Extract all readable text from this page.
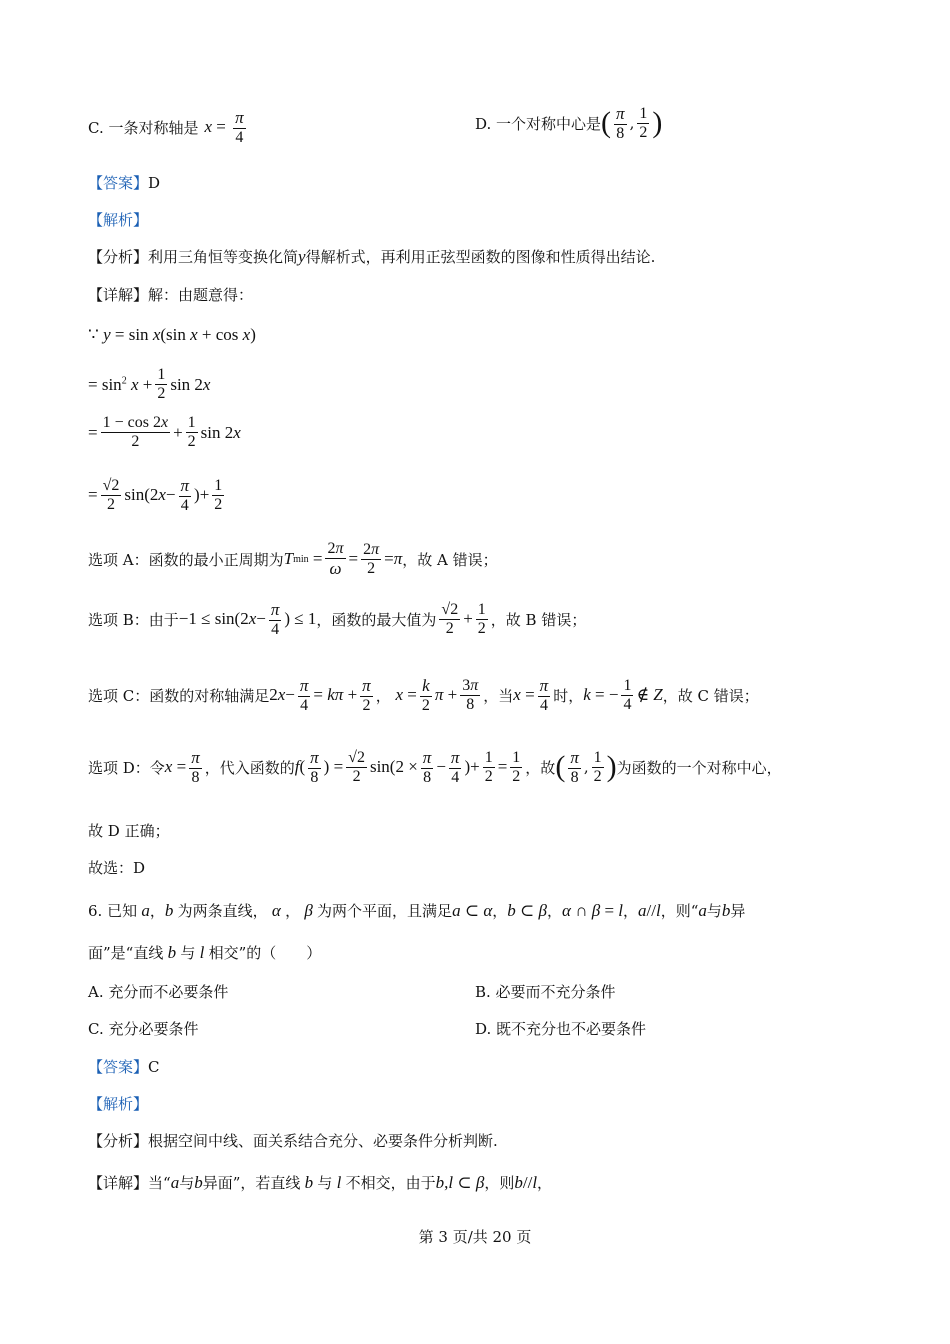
C. 一条对称轴是 $x = \frac{\pi}{4}$	D. 一个对称中心是 ( $\frac{\pi}{8}$ , $\frac{1}{2}$ )
【答案】 D
【解析】
【分析】 利用三角恒等变换化简 y 得解析式，再利用正弦型函数的图像和性质得出结论.
【详解】 解：由题意得：
∵ y = sin x (sin x + cos x )
= $\sin^2 x + \frac{1}{2}$ sin 2 x
= $\frac{1 - \cos 2x}{2} + \frac{1}{2}$ sin 2 x
= $\frac{√2}{2} \sin(2$ $x - \frac{\pi}{4}$ )+ $\frac{1}{2}$
选项 A：函数的最小正周期为 T $\min = \frac{2\pi}{\omega} = \frac{2\pi}{2} = \pi$ ，故 A 错误；
选项 B：由于 −1 ≤ sin(2 $x - \frac{\pi}{4}$ ) ≤ 1 ，函数的最大值为 $\frac{√2}{2} + \frac{1}{2}$ ，故 B 错误；
选项 C：函数的对称轴满足 2 $x - \frac{\pi}{4} = k\pi + \frac{\pi}{2}$ ， $x = \frac{k}{2}$ $\pi + \frac{3\pi}{8}$ ，当 $x = \frac{\pi}{4}$ 时， k = − $\frac{1}{4}$ ∉ Z ，故 C 错误；
选项 D：令 $x = \frac{\pi}{8}$ ，代入函数的 f ( $\frac{\pi}{8}$ ) = $\frac{√2}{2} \sin(2 \times \frac{\pi}{8} - \frac{\pi}{4}$ )+ $\frac{1}{2} = \frac{1}{2}$ ，故 ( $\frac{\pi}{8}$ , $\frac{1}{2}$ ) 为函数的一个对称中心，
故 D 正确；
故选：D
6. 已知 a ， b 为两条直线， α ， β 为两个平面，且满足 a ⊂ α ， b ⊂ β ， α ∩ β = l ， a // l ，则“ a 与 b 异
面”是“直线 b 与 l 相交”的（　　）
A. 充分而不必要条件	B. 必要而不充分条件
C. 充分必要条件	D. 既不充分也不必要条件
【答案】 C
【解析】
【分析】 根据空间中线、面关系结合充分、必要条件分析判断.
【详解】 当“ a 与 b 异面”，若直线 b 与 l 不相交，由于 b , l ⊂ β ，则 b // l ，
第 3 页/共 20 页
